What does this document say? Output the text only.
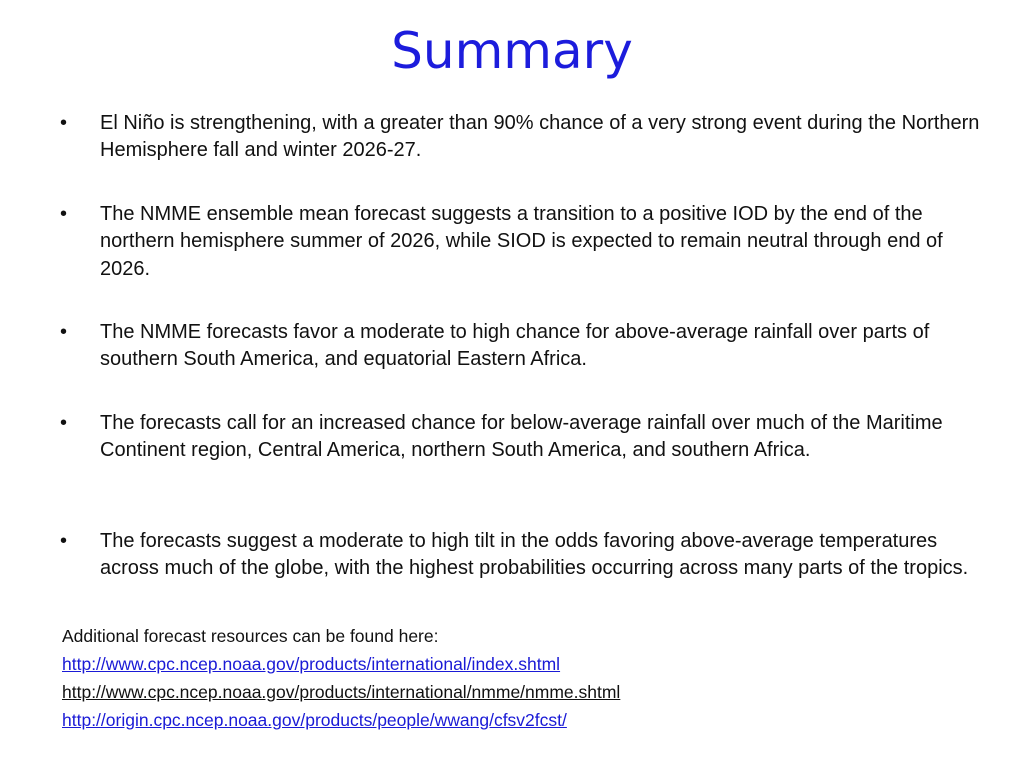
Summary
• El Niño is strengthening, with a greater than 90% chance of a very strong event during the Northern Hemisphere fall and winter 2026-27.
• The NMME ensemble mean forecast suggests a transition to a positive IOD by the end of the northern hemisphere summer of 2026, while SIOD is expected to remain neutral through end of 2026.
• The NMME forecasts favor a moderate to high chance for above-average rainfall over parts of southern South America, and equatorial Eastern Africa.
• The forecasts call for an increased chance for below-average rainfall over much of the Maritime Continent region, Central America, northern South America, and southern Africa.
• The forecasts suggest a moderate to high tilt in the odds favoring above-average temperatures across much of the globe, with the highest probabilities occurring across many parts of the tropics.
Additional forecast resources can be found here:
http://www.cpc.ncep.noaa.gov/products/international/index.shtml
http://www.cpc.ncep.noaa.gov/products/international/nmme/nmme.shtml
http://origin.cpc.ncep.noaa.gov/products/people/wwang/cfsv2fcst/
